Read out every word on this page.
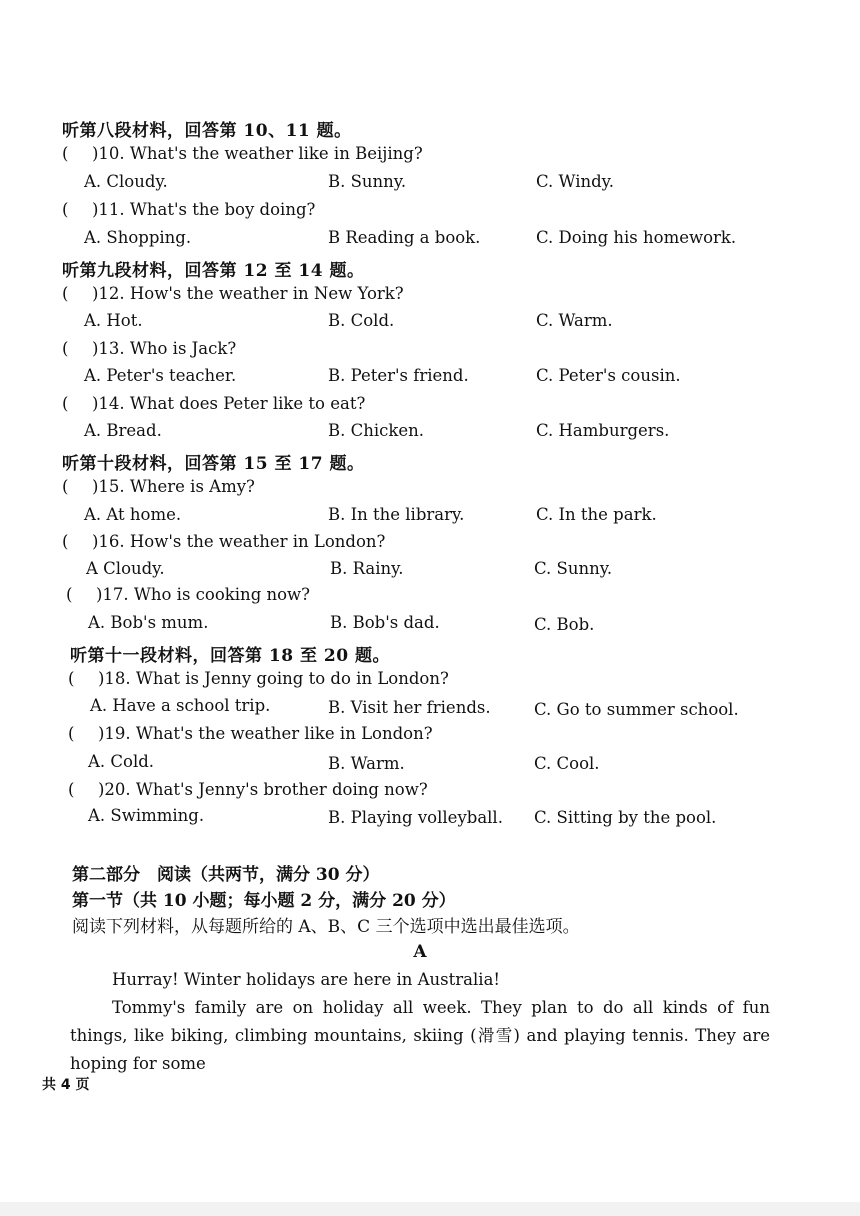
听第八段材料，回答第 10、11 题。
( )10. What's the weather like in Beijing?
A. Cloudy.	B. Sunny.	C. Windy.
( )11. What's the boy doing?
A. Shopping.	B Reading a book.	C. Doing his homework.
听第九段材料，回答第 12 至 14 题。
( )12. How's the weather in New York?
A. Hot.	B. Cold.	C. Warm.
( )13. Who is Jack?
A. Peter's teacher.	B. Peter's friend.	C. Peter's cousin.
( )14. What does Peter like to eat?
A. Bread.	B. Chicken.	C. Hamburgers.
听第十段材料，回答第 15 至 17 题。
( )15. Where is Amy?
A. At home.	B. In the library.	C. In the park.
( )16. How's the weather in London?
A Cloudy.	B. Rainy.	C. Sunny.
( )17. Who is cooking now?
A. Bob's mum.	B. Bob's dad.	C. Bob.
听第十一段材料，回答第 18 至 20 题。
( )18. What is Jenny going to do in London?
A. Have a school trip.	B. Visit her friends.	C. Go to summer school.
( )19. What's the weather like in London?
A. Cold.	B. Warm.	C. Cool.
( )20. What's Jenny's brother doing now?
A. Swimming.	B. Playing volleyball. C. Sitting by the pool.
第二部分　阅读（共两节，满分 30 分）
第一节（共 10 小题；每小题 2 分，满分 20 分）
阅读下列材料，从每题所给的 A、B、C 三个选项中选出最佳选项。
A
Hurray! Winter holidays are here in Australia!
Tommy's family are on holiday all week. They plan to do all kinds of fun things, like biking, climbing mountains, skiing (滑雪) and playing tennis. They are hoping for some
共 4 页
